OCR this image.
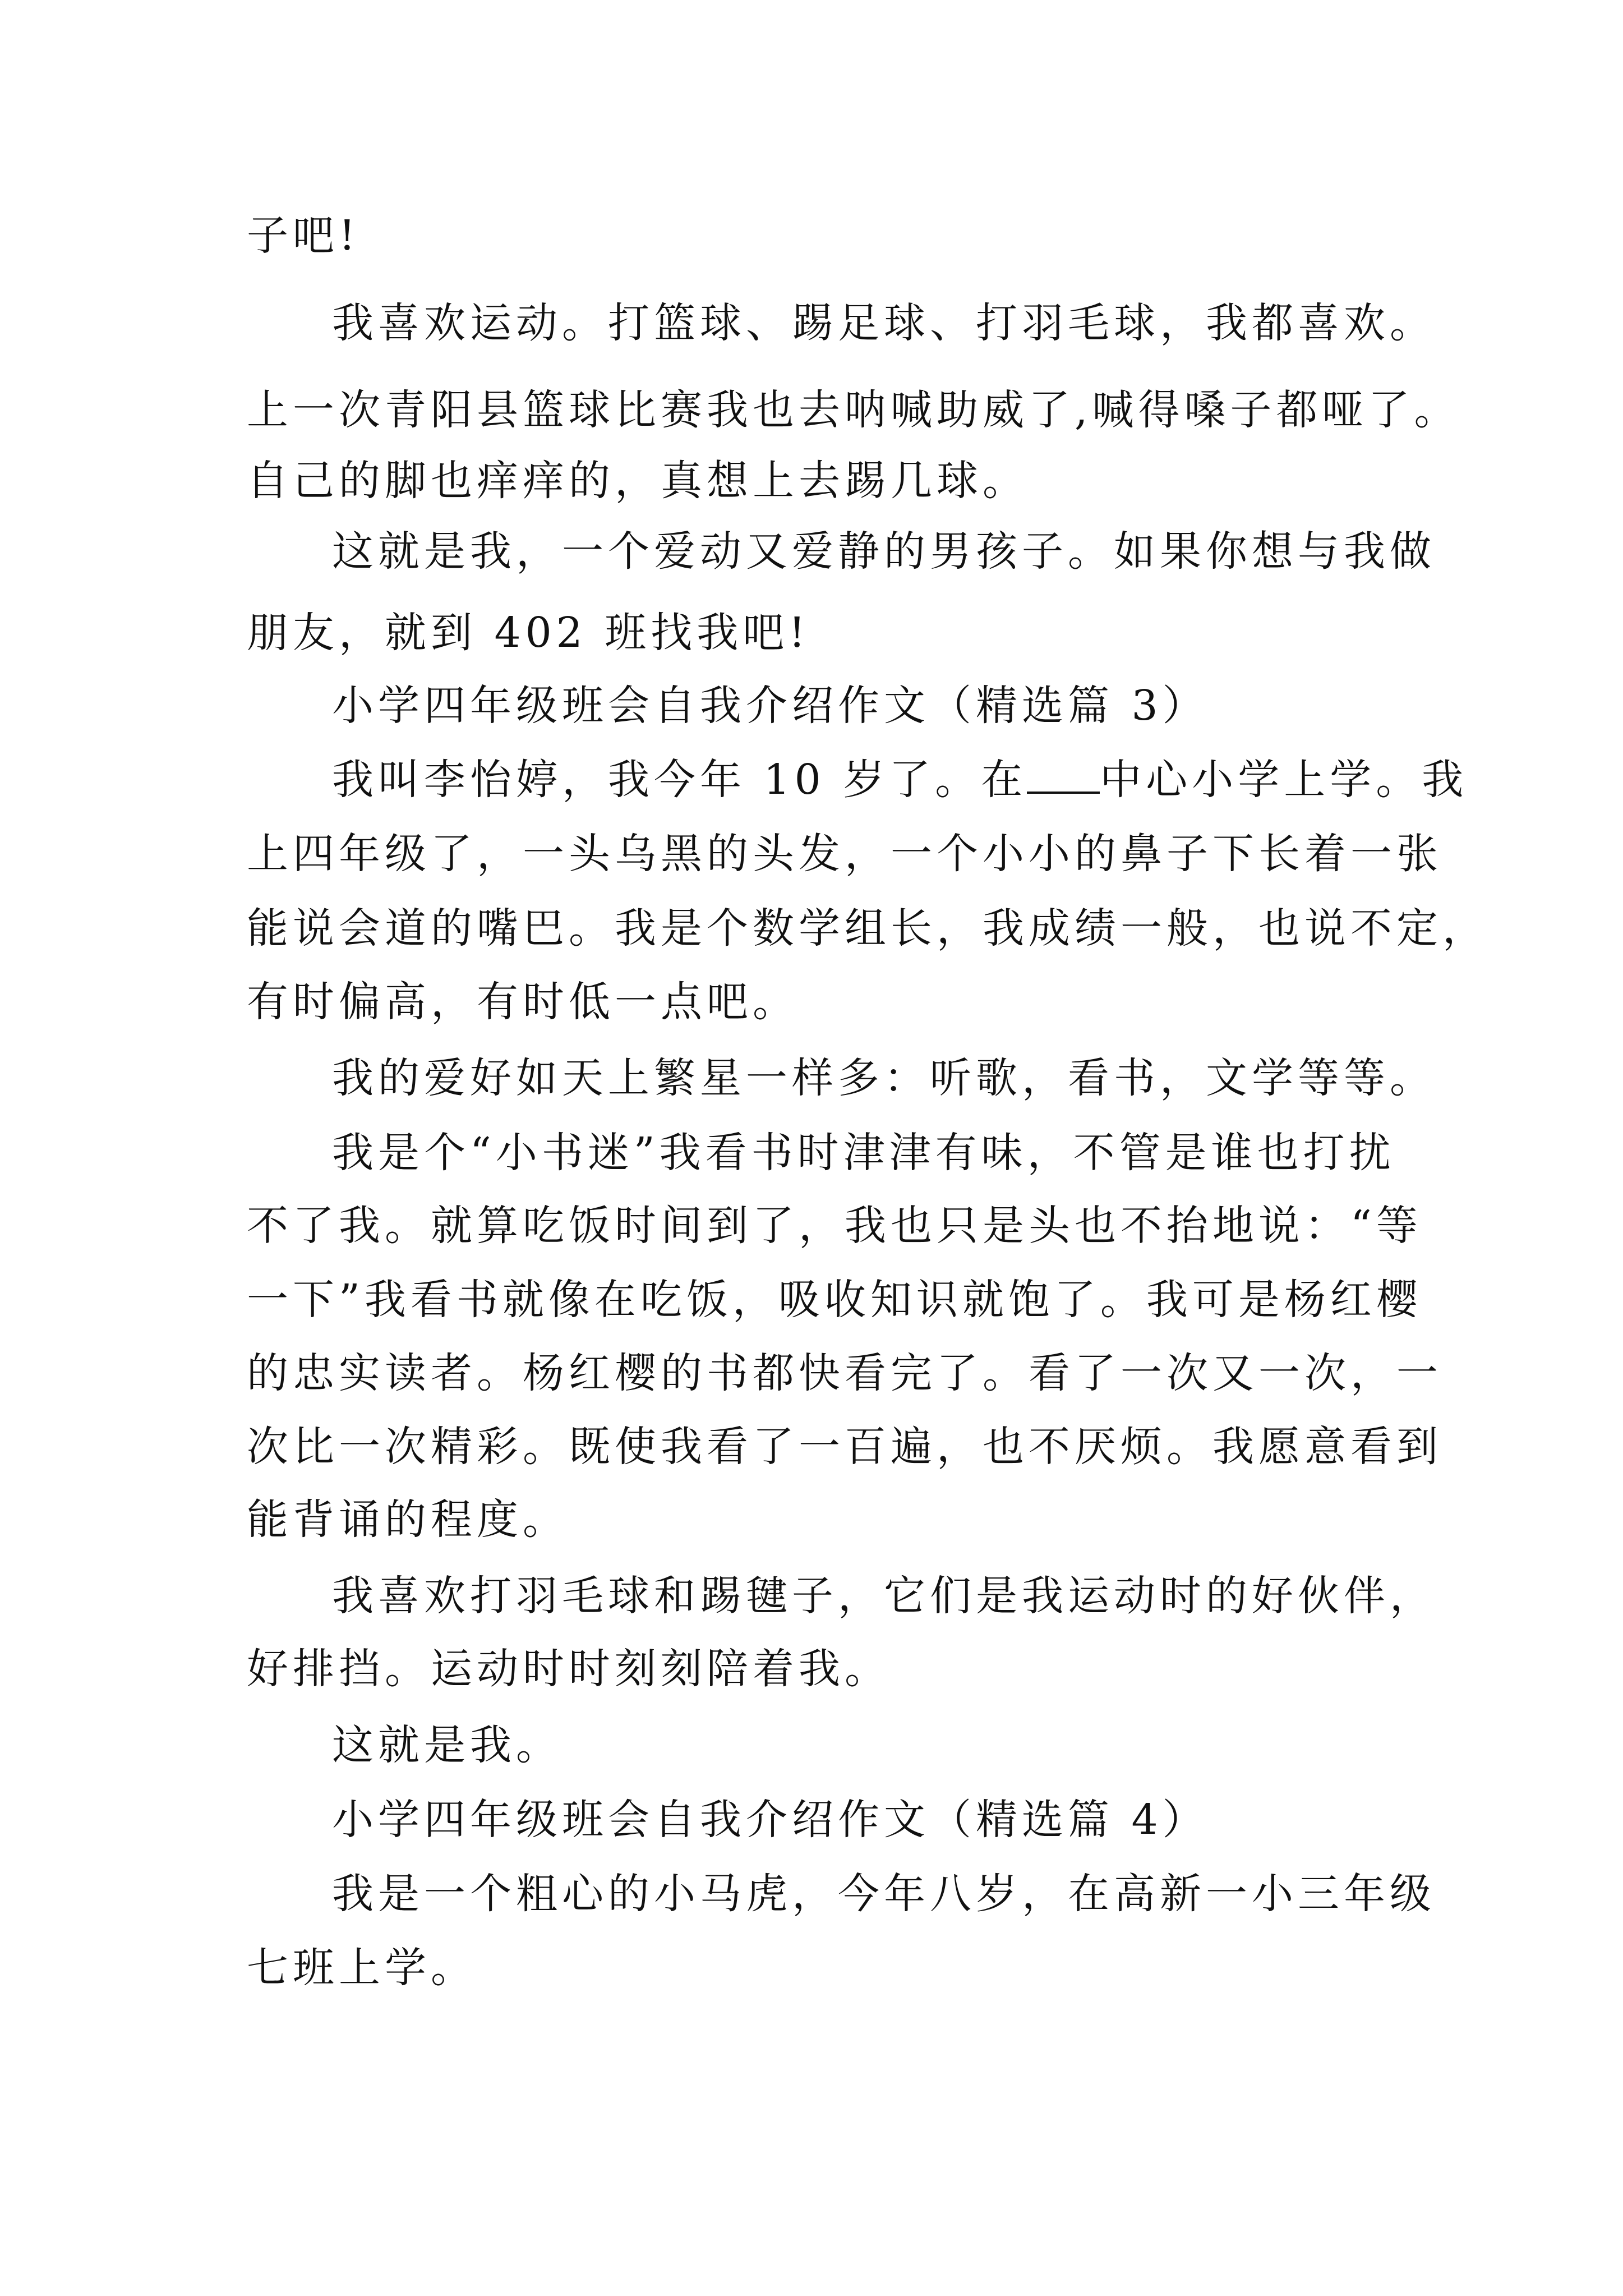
子吧!
我喜欢运动。打篮球、踢足球、打羽毛球，我都喜欢。
上一次青阳县篮球比赛我也去呐喊助威了,喊得嗓子都哑了。
自己的脚也痒痒的，真想上去踢几球。
这就是我，一个爱动又爱静的男孩子。如果你想与我做
朋友，就到 402 班找我吧!
小学四年级班会自我介绍作文（精选篇 3）
我叫李怡婷，我今年 10 岁了。在 中心小学上学。我
上四年级了，一头乌黑的头发，一个小小的鼻子下长着一张
能说会道的嘴巴。我是个数学组长，我成绩一般，也说不定，
有时偏高，有时低一点吧。
我的爱好如天上繁星一样多：听歌，看书，文学等等。
我是个“小书迷”我看书时津津有味，不管是谁也打扰
不了我。就算吃饭时间到了，我也只是头也不抬地说：“等
一下”我看书就像在吃饭，吸收知识就饱了。我可是杨红樱
的忠实读者。杨红樱的书都快看完了。看了一次又一次，一
次比一次精彩。既使我看了一百遍，也不厌烦。我愿意看到
能背诵的程度。
我喜欢打羽毛球和踢毽子，它们是我运动时的好伙伴，
好排挡。运动时时刻刻陪着我。
这就是我。
小学四年级班会自我介绍作文（精选篇 4）
我是一个粗心的小马虎，今年八岁，在高新一小三年级
七班上学。
